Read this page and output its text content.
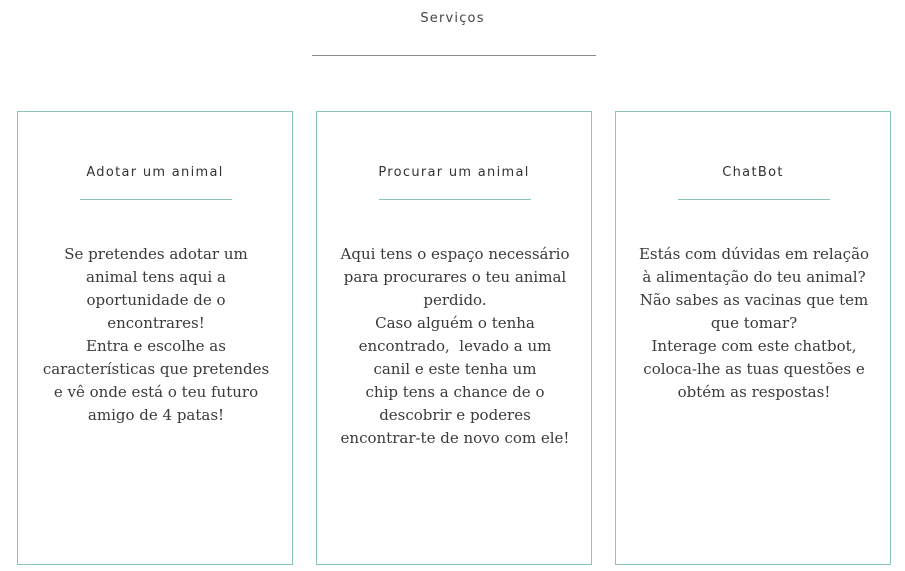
Serviços
Adotar um animal
Se pretendes adotar um
animal tens aqui a
oportunidade de o
encontrares!
Entra e escolhe as
características que pretendes
e vê onde está o teu futuro
amigo de 4 patas!
Procurar um animal
Aqui tens o espaço necessário
para procurares o teu animal
perdido.
Caso alguém o tenha
encontrado,  levado a um
canil e este tenha um
chip tens a chance de o
descobrir e poderes
encontrar-te de novo com ele!
ChatBot
Estás com dúvidas em relação
à alimentação do teu animal?
Não sabes as vacinas que tem
que tomar?
Interage com este chatbot,
coloca-lhe as tuas questões e
obtém as respostas!
